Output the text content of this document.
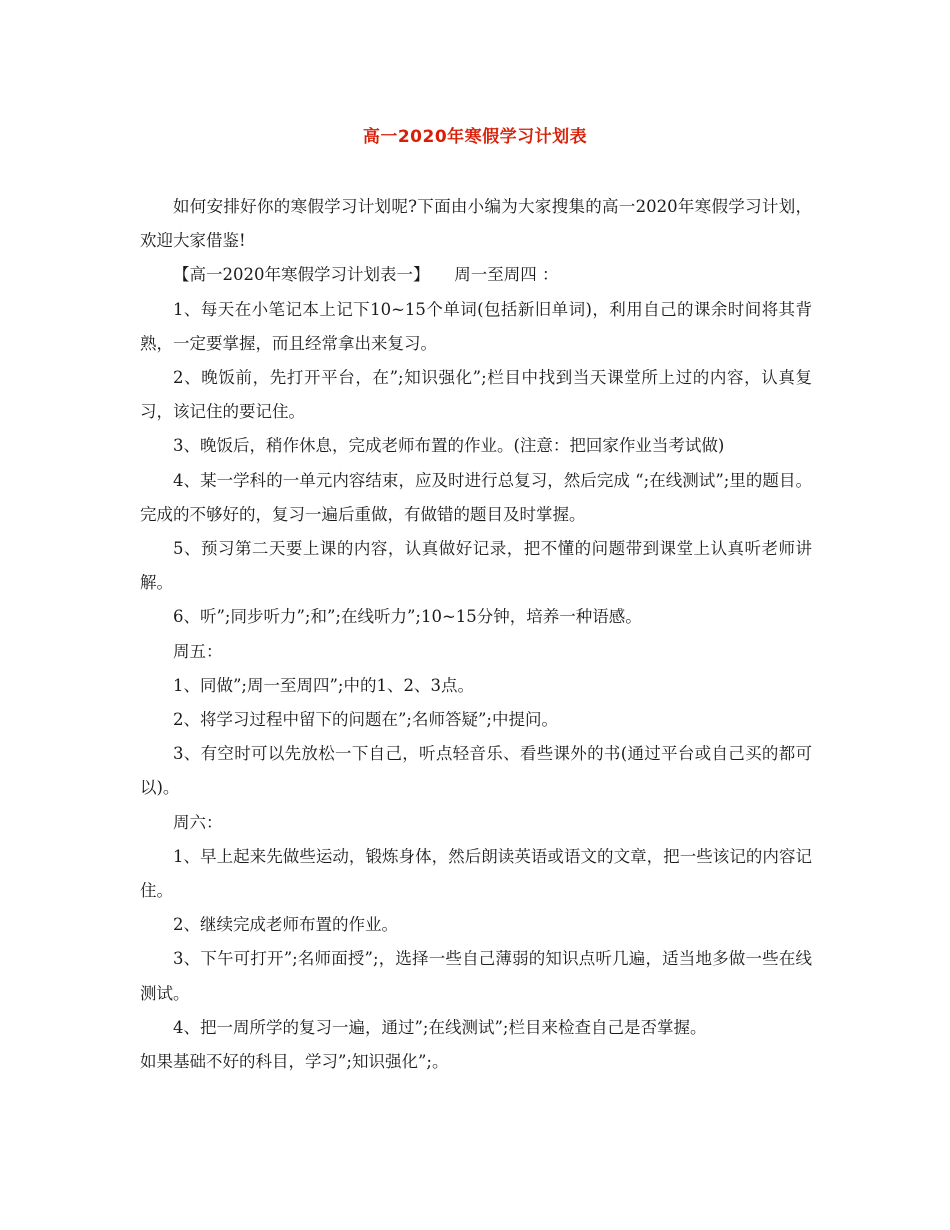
高一2020年寒假学习计划表

如何安排好你的寒假学习计划呢?下面由小编为大家搜集的高一2020年寒假学习计划，欢迎大家借鉴!

【高一2020年寒假学习计划表一】　　周一至周四 ：

1、每天在小笔记本上记下10~15个单词(包括新旧单词)，利用自己的课余时间将其背熟，一定要掌握，而且经常拿出来复习。

2、晚饭前，先打开平台，在”;知识强化”;栏目中找到当天课堂所上过的内容，认真复习，该记住的要记住。

3、晚饭后，稍作休息，完成老师布置的作业。(注意：把回家作业当考试做)

4、某一学科的一单元内容结束，应及时进行总复习，然后完成 “;在线测试”;里的题目。完成的不够好的，复习一遍后重做，有做错的题目及时掌握。

5、预习第二天要上课的内容，认真做好记录，把不懂的问题带到课堂上认真听老师讲解。

6、听”;同步听力”;和”;在线听力”;10~15分钟，培养一种语感。

周五：

1、同做”;周一至周四”;中的1、2、3点。

2、将学习过程中留下的问题在”;名师答疑”;中提问。

3、有空时可以先放松一下自己，听点轻音乐、看些课外的书(通过平台或自己买的都可以)。

周六：

1、早上起来先做些运动，锻炼身体，然后朗读英语或语文的文章，把一些该记的内容记住。

2、继续完成老师布置的作业。

3、下午可打开”;名师面授”;，选择一些自己薄弱的知识点听几遍，适当地多做一些在线测试。

4、把一周所学的复习一遍，通过”;在线测试”;栏目来检查自己是否掌握。

如果基础不好的科目，学习”;知识强化”;。
